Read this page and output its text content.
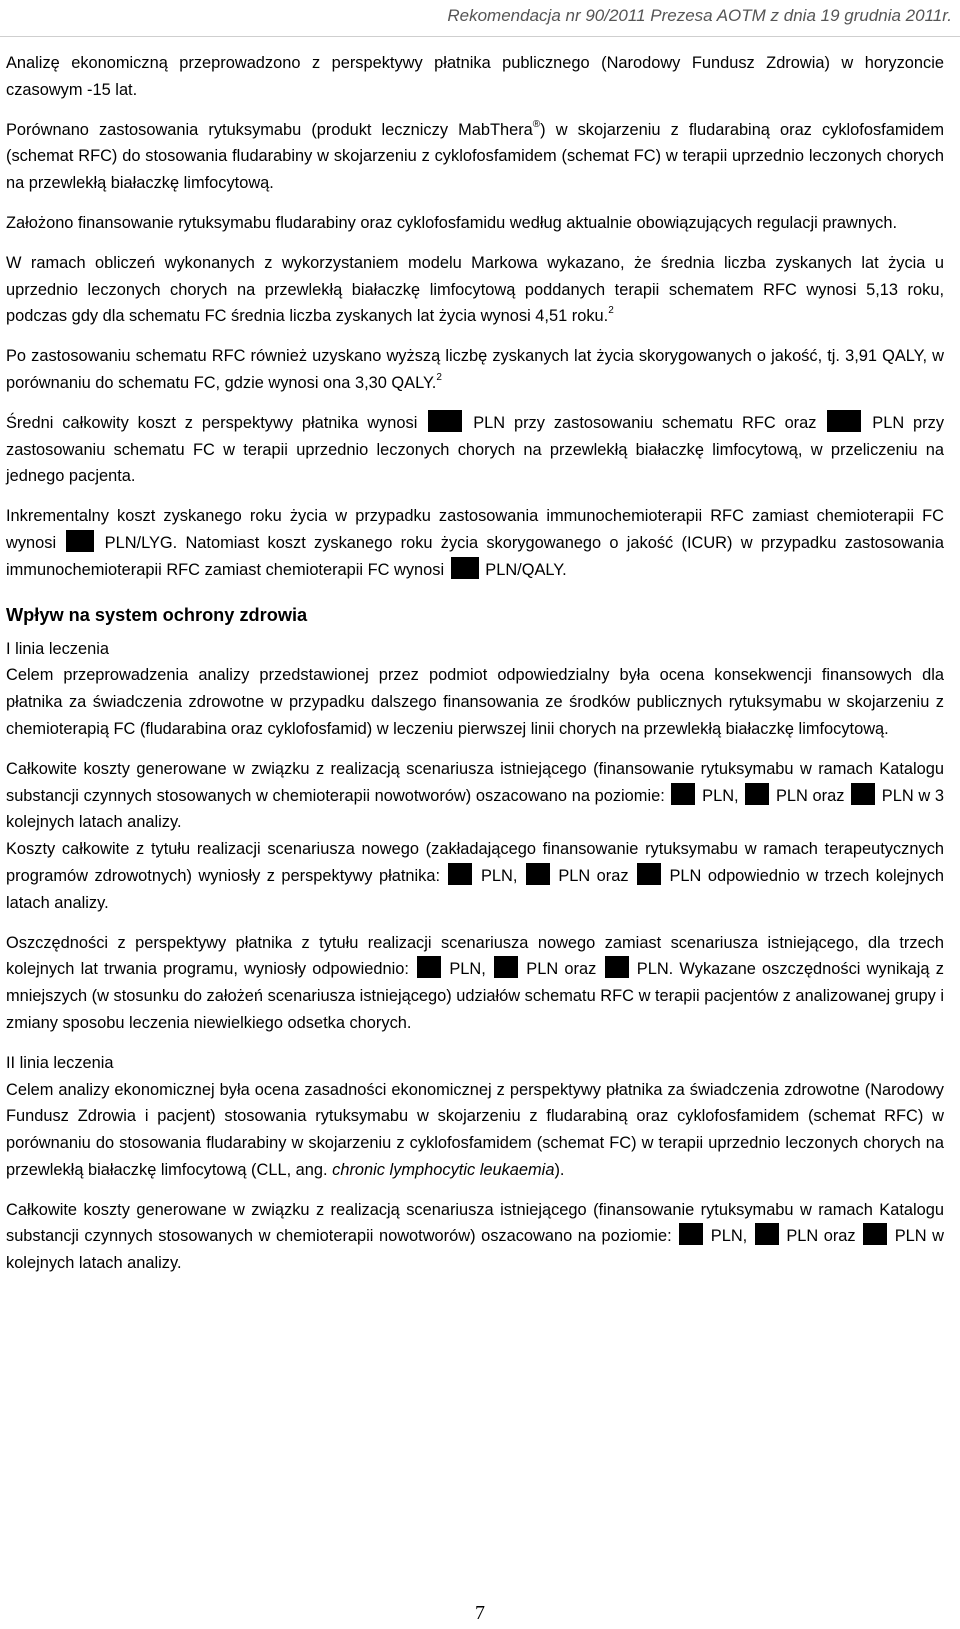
Rekomendacja nr 90/2011 Prezesa AOTM z dnia 19 grudnia 2011r.

Analizę ekonomiczną przeprowadzono z perspektywy płatnika publicznego (Narodowy Fundusz Zdrowia) w horyzoncie czasowym -15 lat.

Porównano zastosowania rytuksymabu (produkt leczniczy MabThera®) w skojarzeniu z fludarabiną oraz cyklofosfamidem (schemat RFC) do stosowania fludarabiny w skojarzeniu z cyklofosfamidem (schemat FC) w terapii uprzednio leczonych chorych na przewlekłą białaczkę limfocytową.

Założono finansowanie rytuksymabu fludarabiny oraz cyklofosfamidu według aktualnie obowiązujących regulacji prawnych.

W ramach obliczeń wykonanych z wykorzystaniem modelu Markowa wykazano, że średnia liczba zyskanych lat życia u uprzednio leczonych chorych na przewlekłą białaczkę limfocytową poddanych terapii schematem RFC wynosi 5,13 roku, podczas gdy dla schematu FC średnia liczba zyskanych lat życia wynosi 4,51 roku.$^2$

Po zastosowaniu schematu RFC również uzyskano wyższą liczbę zyskanych lat życia skorygowanych o jakość, tj. 3,91 QALY, w porównaniu do schematu FC, gdzie wynosi ona 3,30 QALY.$^2$

Średni całkowity koszt z perspektywy płatnika wynosi	PLN przy zastosowaniu schematu RFC oraz	PLN przy zastosowaniu schematu FC w terapii uprzednio leczonych chorych na przewlekłą białaczkę limfocytową, w przeliczeniu na jednego pacjenta.

Inkrementalny koszt zyskanego roku życia w przypadku zastosowania immunochemioterapii RFC zamiast chemioterapii FC wynosi	PLN/LYG. Natomiast koszt zyskanego roku życia skorygowanego o jakość (ICUR) w przypadku zastosowania immunochemioterapii RFC zamiast chemioterapii FC wynosi	PLN/QALY.

Wpływ na system ochrony zdrowia
I linia leczenia

Celem przeprowadzenia analizy przedstawionej przez podmiot odpowiedzialny była ocena konsekwencji finansowych dla płatnika za świadczenia zdrowotne w przypadku dalszego finansowania ze środków publicznych rytuksymabu w skojarzeniu z chemioterapią FC (fludarabina oraz cyklofosfamid) w leczeniu pierwszej linii chorych na przewlekłą białaczkę limfocytową.

Całkowite koszty generowane w związku z realizacją scenariusza istniejącego (finansowanie rytuksymabu w ramach Katalogu substancji czynnych stosowanych w chemioterapii nowotworów) oszacowano na poziomie: PLN, PLN oraz PLN w 3 kolejnych latach analizy.

Koszty całkowite z tytułu realizacji scenariusza nowego (zakładającego finansowanie rytuksymabu w ramach terapeutycznych programów zdrowotnych) wyniosły z perspektywy płatnika: PLN, PLN oraz PLN odpowiednio w trzech kolejnych latach analizy.

Oszczędności z perspektywy płatnika z tytułu realizacji scenariusza nowego zamiast scenariusza istniejącego, dla trzech kolejnych lat trwania programu, wyniosły odpowiednio: PLN, PLN oraz PLN. Wykazane oszczędności wynikają z mniejszych (w stosunku do założeń scenariusza istniejącego) udziałów schematu RFC w terapii pacjentów z analizowanej grupy i zmiany sposobu leczenia niewielkiego odsetka chorych.

II linia leczenia

Celem analizy ekonomicznej była ocena zasadności ekonomicznej z perspektywy płatnika za świadczenia zdrowotne (Narodowy Fundusz Zdrowia i pacjent) stosowania rytuksymabu w skojarzeniu z fludarabiną oraz cyklofosfamidem (schemat RFC) w porównaniu do stosowania fludarabiny w skojarzeniu z cyklofosfamidem (schemat FC) w terapii uprzednio leczonych chorych na przewlekłą białaczkę limfocytową (CLL, ang. chronic lymphocytic leukaemia).

Całkowite koszty generowane w związku z realizacją scenariusza istniejącego (finansowanie rytuksymabu w ramach Katalogu substancji czynnych stosowanych w chemioterapii nowotworów) oszacowano na poziomie: PLN, PLN oraz PLN w kolejnych latach analizy.

7
